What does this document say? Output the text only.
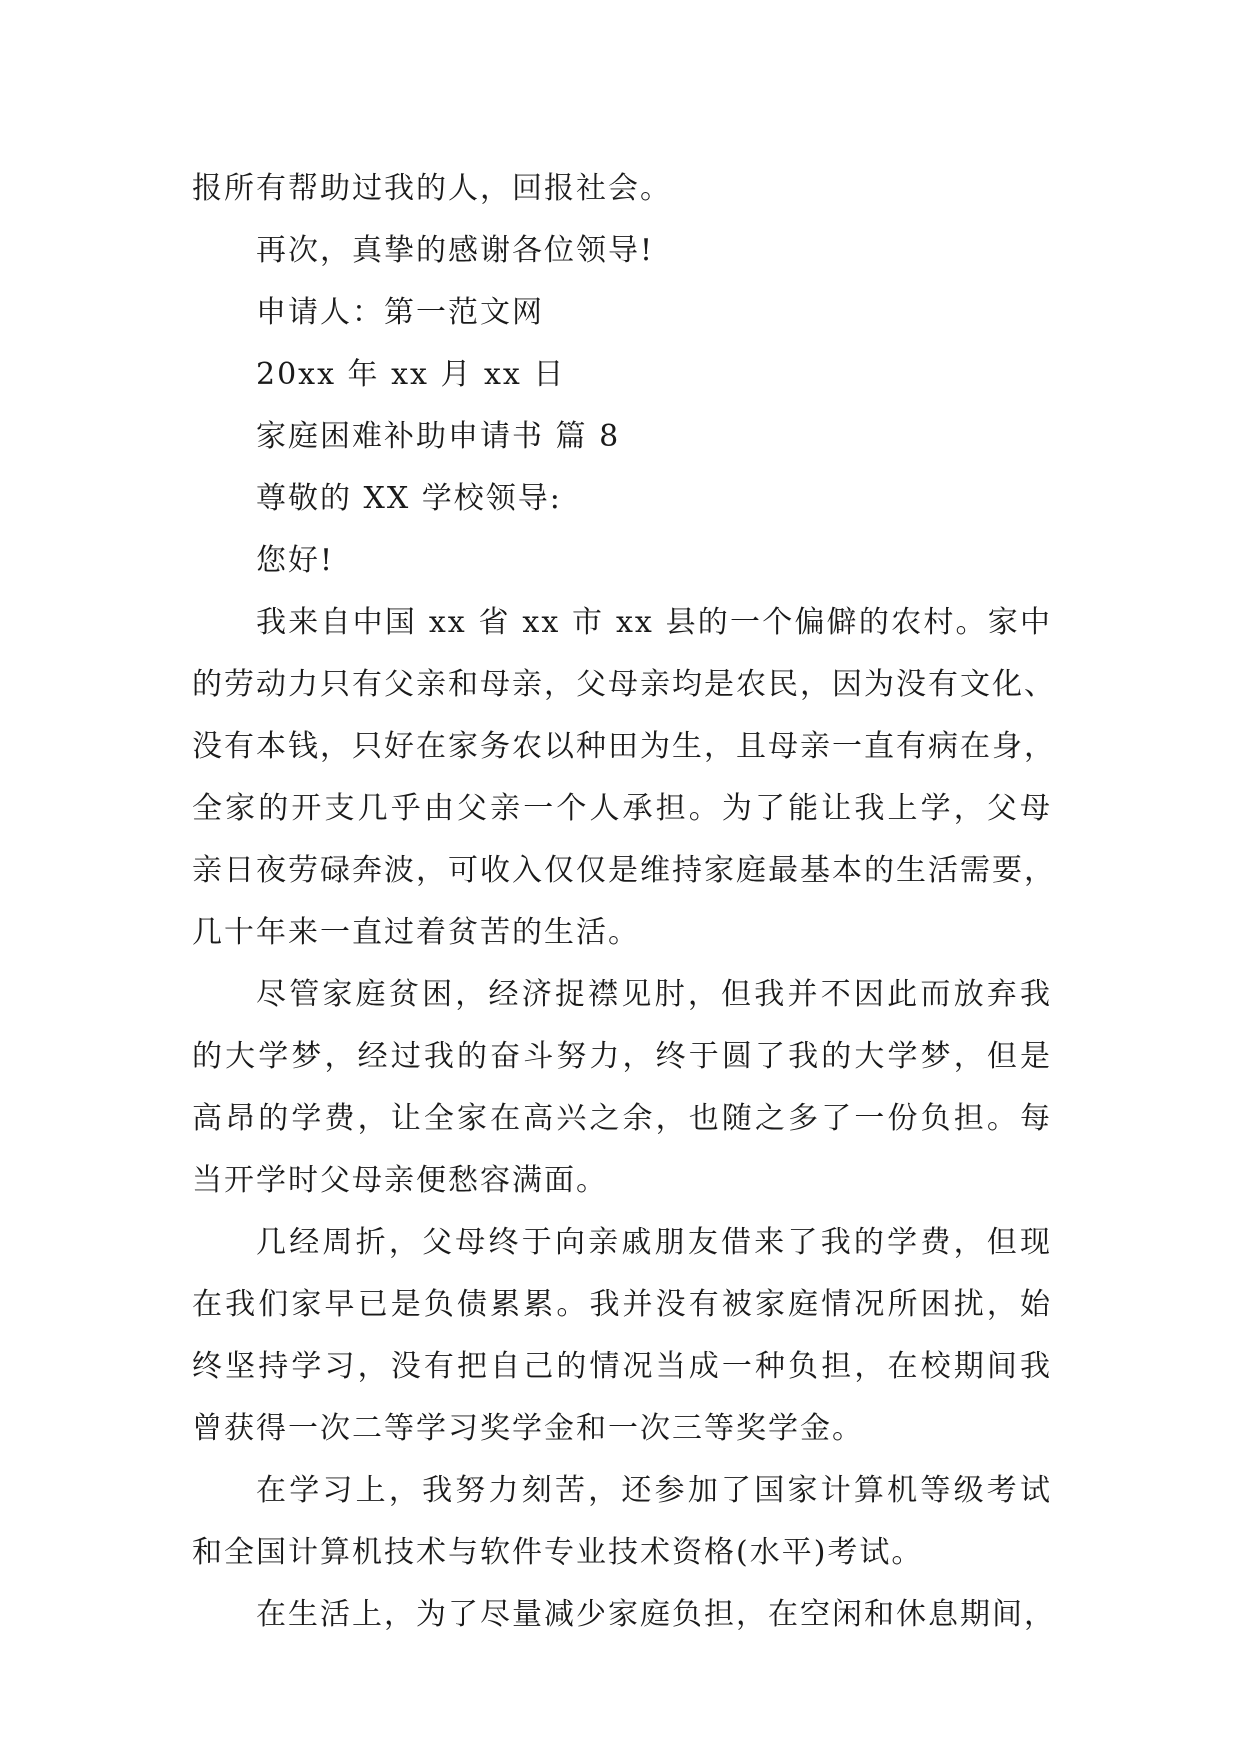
报所有帮助过我的人，回报社会。
再次，真挚的感谢各位领导!
申请人：第一范文网
20xx 年 xx 月 xx 日
家庭困难补助申请书 篇 8
尊敬的 XX 学校领导:
您好!
我来自中国 xx 省 xx 市 xx 县的一个偏僻的农村。家中
的劳动力只有父亲和母亲，父母亲均是农民，因为没有文化、
没有本钱，只好在家务农以种田为生，且母亲一直有病在身，
全家的开支几乎由父亲一个人承担。为了能让我上学，父母
亲日夜劳碌奔波，可收入仅仅是维持家庭最基本的生活需要，
几十年来一直过着贫苦的生活。
尽管家庭贫困，经济捉襟见肘，但我并不因此而放弃我
的大学梦，经过我的奋斗努力，终于圆了我的大学梦，但是
高昂的学费，让全家在高兴之余，也随之多了一份负担。每
当开学时父母亲便愁容满面。
几经周折，父母终于向亲戚朋友借来了我的学费，但现
在我们家早已是负债累累。我并没有被家庭情况所困扰，始
终坚持学习，没有把自己的情况当成一种负担，在校期间我
曾获得一次二等学习奖学金和一次三等奖学金。
在学习上，我努力刻苦，还参加了国家计算机等级考试
和全国计算机技术与软件专业技术资格(水平)考试。
在生活上，为了尽量减少家庭负担，在空闲和休息期间，
